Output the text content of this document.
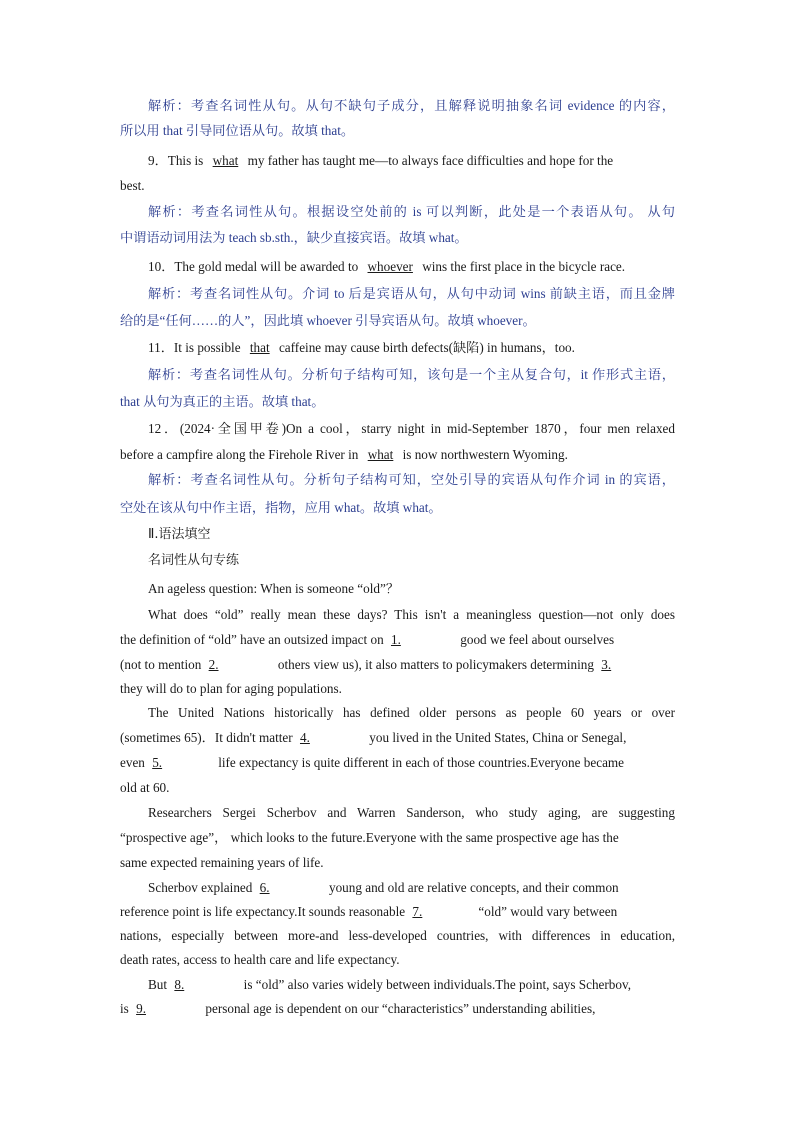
解析：考查名词性从句。从句不缺句子成分，且解释说明抽象名词 evidence 的内容，
所以用 that 引导同位语从句。故填 that。
9．This is what my father has taught me—to always face difficulties and hope for the
best.
解析：考查名词性从句。根据设空处前的 is 可以判断，此处是一个表语从句。 从句
中谓语动词用法为 teach sb.sth.，缺少直接宾语。故填 what。
10．The gold medal will be awarded to whoever wins the first place in the bicycle race.
解析：考查名词性从句。介词 to 后是宾语从句，从句中动词 wins 前缺主语，而且金牌
给的是“任何……的人”，因此填 whoever 引导宾语从句。故填 whoever。
11．It is possible that caffeine may cause birth defects(缺陷) in humans，too.
解析：考查名词性从句。分析句子结构可知，该句是一个主从复合句，it 作形式主语，
that 从句为真正的主语。故填 that。
12．(2024·全国甲卷)On a cool，starry night in mid-September 1870，four men relaxed
before a campfire along the Firehole River in what is now northwestern Wyoming.
解析：考查名词性从句。分析句子结构可知，空处引导的宾语从句作介词 in 的宾语，
空处在该从句中作主语，指物，应用 what。故填 what。
Ⅱ.语法填空
名词性从句专练
An ageless question: When is someone “old”？
What does “old” really mean these days? This isn't a meaningless question—not only does
the definition of “old” have an outsized impact on 1.	good we feel about ourselves
(not to mention 2.	others view us), it also matters to policymakers determining 3.
they will do to plan for aging populations.
The United Nations historically has defined older persons as people 60 years or over
(sometimes 65)．It didn't matter 4.	you lived in the United States, China or Senegal,
even 5.	life expectancy is quite different in each of those countries.Everyone became
old at 60.
Researchers Sergei Scherbov and Warren Sanderson, who study aging, are suggesting
“prospective age”， which looks to the future.Everyone with the same prospective age has the
same expected remaining years of life.
Scherbov explained 6.	young and old are relative concepts, and their common
reference point is life expectancy.It sounds reasonable 7.	“old” would vary between
nations, especially between more-and less-developed countries, with differences in education,
death rates, access to health care and life expectancy.
But 8.	is “old” also varies widely between individuals.The point, says Scherbov,
is 9.	personal age is dependent on our “characteristics” understanding abilities,
